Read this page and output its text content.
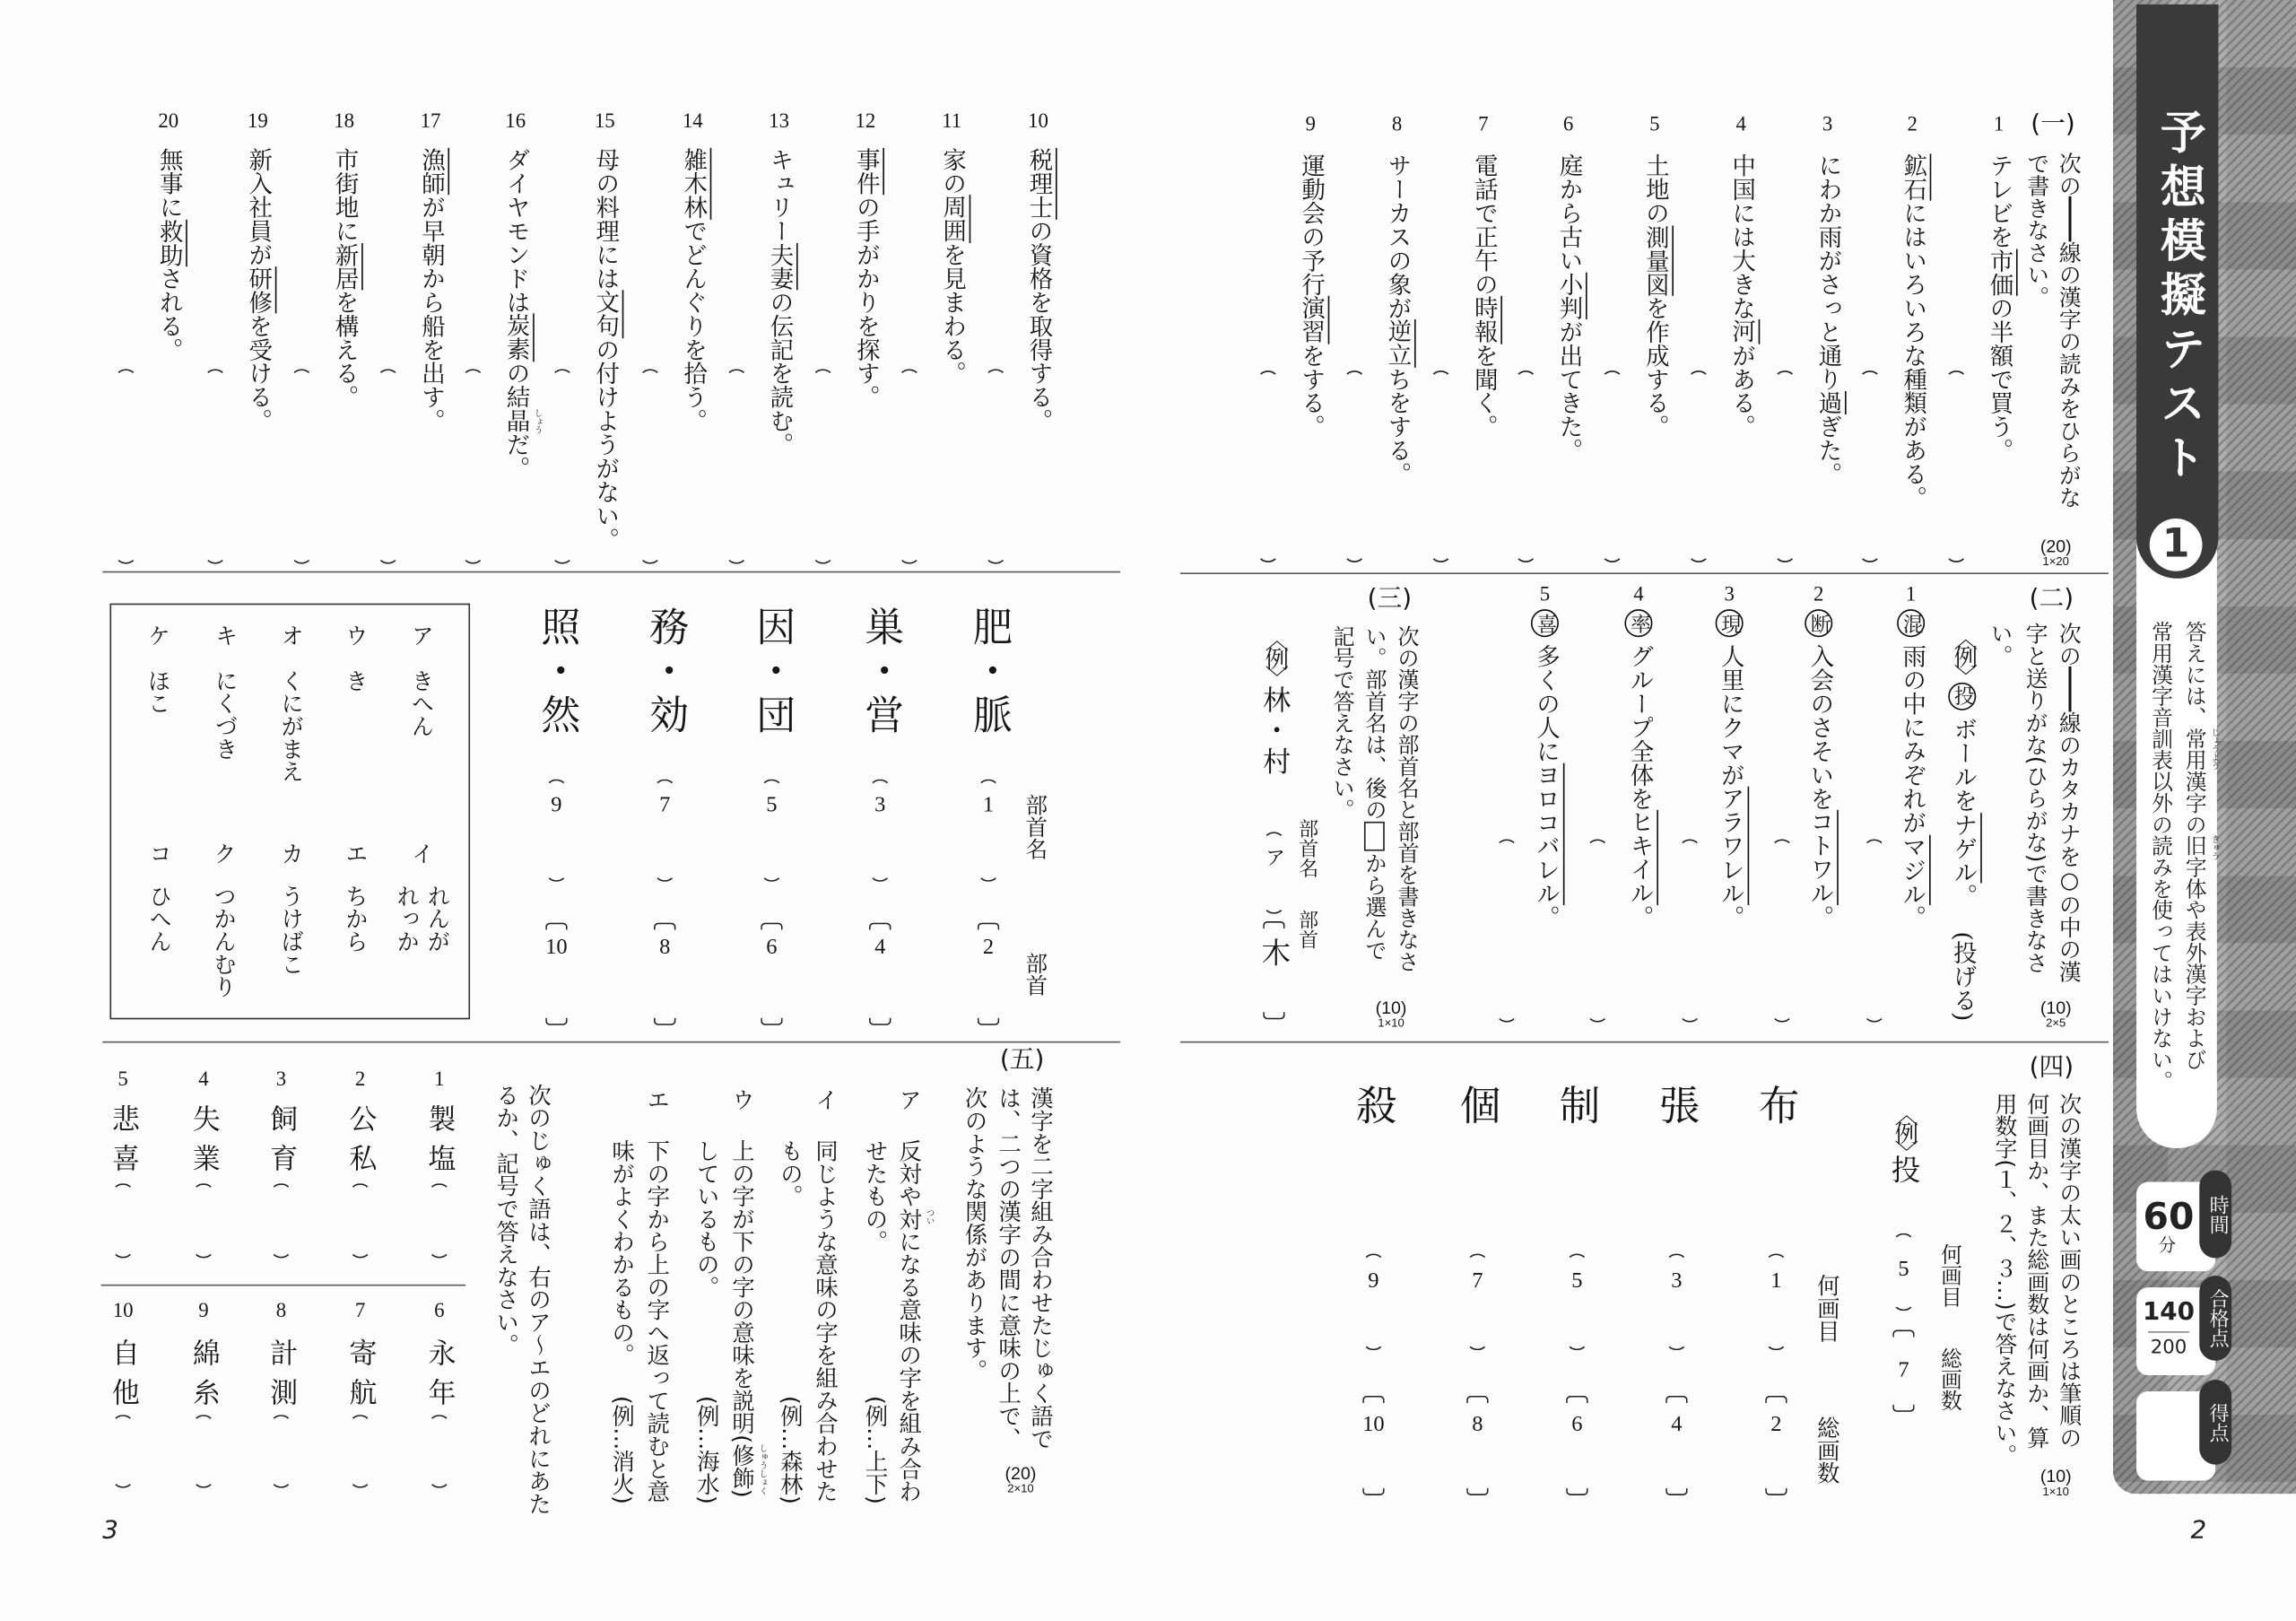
予想模擬テスト
1
答えには、常用 じょうよう
漢字の旧 きゅう
字体や表外漢字および
常用漢字音訓表以外の読みを使ってはいけない。
時間
60
分
合格点
140
200
得点
3	2
(一)
次の線の漢字の読みをひらがな
で書きなさい。
(20)
1×20
1
テレビを市価の半額で買う。
2
鉱石にはいろいろな種類がある。
3
にわか雨がさっと通り過ぎた。
4
中国には大きな河がある。
5
土地の測量図を作成する。
6
庭から古い小判が出てきた。
7
電話で正午の時報を聞く。
8
サーカスの象が逆立ちをする。
9
運動会の予行演習をする。
10
税理士の資格を取得する。
11
家の周囲を見まわる。
12
事件の手がかりを探す。
13
キュリー夫妻の伝記を読む。
14
雑木林でどんぐりを拾う。
15
母の料理には文句の付けようがない。
16
ダイヤモンドは炭素の結晶 しょう
だ。
17
漁師が早朝から船を出す。
18
市街地に新居を構える。
19
新入社員が研修を受ける。
20
無事に救助される。
(二)
次の線のカタカナを○の中の漢
字と送りがな(ひらがな)で書きなさ
い。
〈例〉投ボールをナゲル。
(投げる)	(10)
2×5
1
混雨の中にみぞれがマジル。
2
断入会のさそいをコトワル。
3
現人里にクマがアラワレル。
4
率グループ全体をヒキイル。
5
喜多くの人にヨロコバレル。
(三)
次の漢字の部首名と部首を書きなさ
い。部首名は、後のから選んで
記号で答えなさい。
〈例〉
林・村
ア
木
部首名
部首
(10)
1×10
部首名
部首
肥・脈
1
2
巣・営
3
4
因・団
5
6
務・効
7
8
照・然
9
10
ア
きへん
イ
れんが
れっか
ウ
き
エ
ちから
オ
くにがまえ
カ
うけばこ
キ
にくづき
ク
つかんむり
ケ
ほこ
コ
ひへん
(四)
次の漢字の太い画のところは筆順の
何画目か、また総画数は何画か、算
用数字(１、２、３…)で答えなさい。
〈例〉
投
5
7
何画目
総画数
何画目
総画数
布
1
2
張
3
4
制
5
6
個
7
8
殺
9
10
(10)
1×10
(五)
漢字を二字組み合わせたじゅく語で
は、二つの漢字の間に意味の上で、
次のような関係があります。
ア
反対や対 つい
になる意味の字を組み合わ
せたもの。
(例…上下)
イ
同じような意味の字を組み合わせた
もの。
(例…森林)
ウ
上の字が下の字の意味を説明(修飾 しゅうしょく
)
しているもの。
(例…海水)
エ
下の字から上の字へ返って読むと意
味がよくわかるもの。
(例…消火)	(20)
2×10
次のじゅく語は、右のア〜エのどれにあた
るか、記号で答えなさい。
1
製塩
2
公私
3
飼育
4
失業
5
悲喜
6
永年
7
寄航
8
計測
9
綿糸
10
自他
